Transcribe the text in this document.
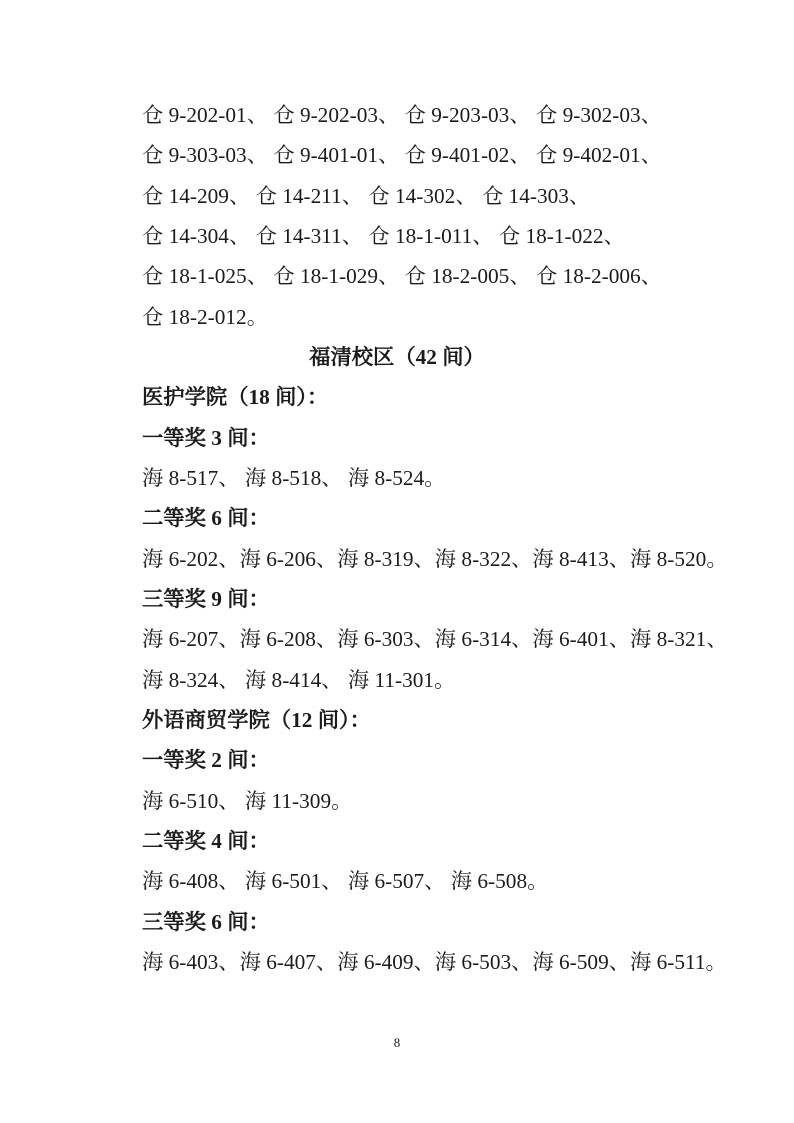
仓 9-202-01、 仓 9-202-03、 仓 9-203-03、 仓 9-302-03、
仓 9-303-03、 仓 9-401-01、 仓 9-401-02、 仓 9-402-01、
仓 14-209、 仓 14-211、 仓 14-302、 仓 14-303、
仓 14-304、 仓 14-311、 仓 18-1-011、 仓 18-1-022、
仓 18-1-025、 仓 18-1-029、 仓 18-2-005、 仓 18-2-006、
仓 18-2-012。
福清校区（42 间）
医护学院（18 间）：
一等奖 3 间：
海 8-517、 海 8-518、 海 8-524。
二等奖 6 间：
海 6-202、海 6-206、海 8-319、海 8-322、海 8-413、海 8-520。
三等奖 9 间：
海 6-207、海 6-208、海 6-303、海 6-314、海 6-401、海 8-321、
海 8-324、 海 8-414、 海 11-301。
外语商贸学院（12 间）：
一等奖 2 间：
海 6-510、 海 11-309。
二等奖 4 间：
海 6-408、 海 6-501、 海 6-507、 海 6-508。
三等奖 6 间：
海 6-403、海 6-407、海 6-409、海 6-503、海 6-509、海 6-511。
8
